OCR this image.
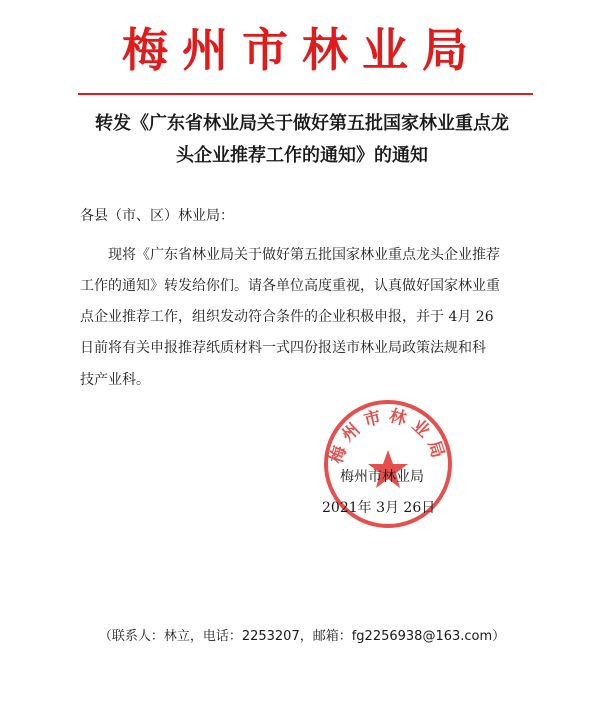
梅州市林业局
转发《广东省林业局关于做好第五批国家林业重点龙
头企业推荐工作的通知》的通知
各县（市、区）林业局：
现将《广东省林业局关于做好第五批国家林业重点龙头企业推荐
工作的通知》转发给你们。请各单位高度重视，认真做好国家林业重
点企业推荐工作，组织发动符合条件的企业积极申报，并于 4月 26
日前将有关申报推荐纸质材料一式四份报送市林业局政策法规和科
技产业科。
梅州市林业局
梅州市林业局
2021年 3月 26日
（联系人：林立，电话：2253207，邮箱：fg2256938@163.com）
